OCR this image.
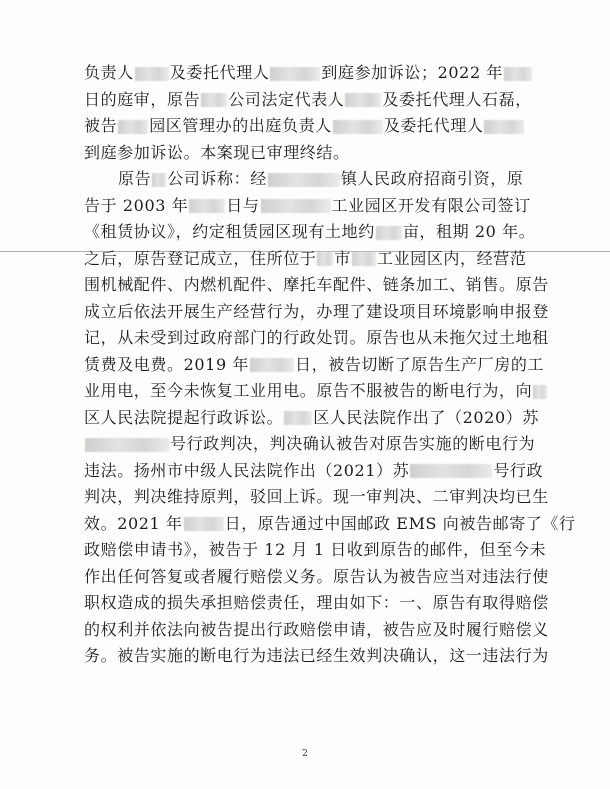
负责人 及委托代理人	到庭参加诉讼；2022 年
日的庭审，原告 公司法定代表人 及委托代理人石磊，
被告 园区管理办的出庭负责人	及委托代理人
到庭参加诉讼。本案现已审理终结。
原告 公司诉称：经	镇人民政府招商引资，原
告于 2003 年 日与	工业园区开发有限公司签订
《租赁协议》，约定租赁园区现有土地约 亩，租期 20 年。
之后，原告登记成立，住所位于 市 工业园区内，经营范
围机械配件、内燃机配件、摩托车配件、链条加工、销售。原告
成立后依法开展生产经营行为，办理了建设项目环境影响申报登
记，从未受到过政府部门的行政处罚。原告也从未拖欠过土地租
赁费及电费。2019 年	日，被告切断了原告生产厂房的工
业用电，至今未恢复工业用电。原告不服被告的断电行为，向
区人民法院提起行政诉讼。 区人民法院作出了（2020）苏
号行政判决，判决确认被告对原告实施的断电行为
违法。扬州市中级人民法院作出（2021）苏	号行政
判决，判决维持原判，驳回上诉。现一审判决、二审判决均已生
效。2021 年	日，原告通过中国邮政 EMS 向被告邮寄了《行
政赔偿申请书》，被告于 12 月 1 日收到原告的邮件，但至今未
作出任何答复或者履行赔偿义务。原告认为被告应当对违法行使
职权造成的损失承担赔偿责任，理由如下：一、原告有取得赔偿
的权利并依法向被告提出行政赔偿申请，被告应及时履行赔偿义
务。被告实施的断电行为违法已经生效判决确认，这一违法行为
2
